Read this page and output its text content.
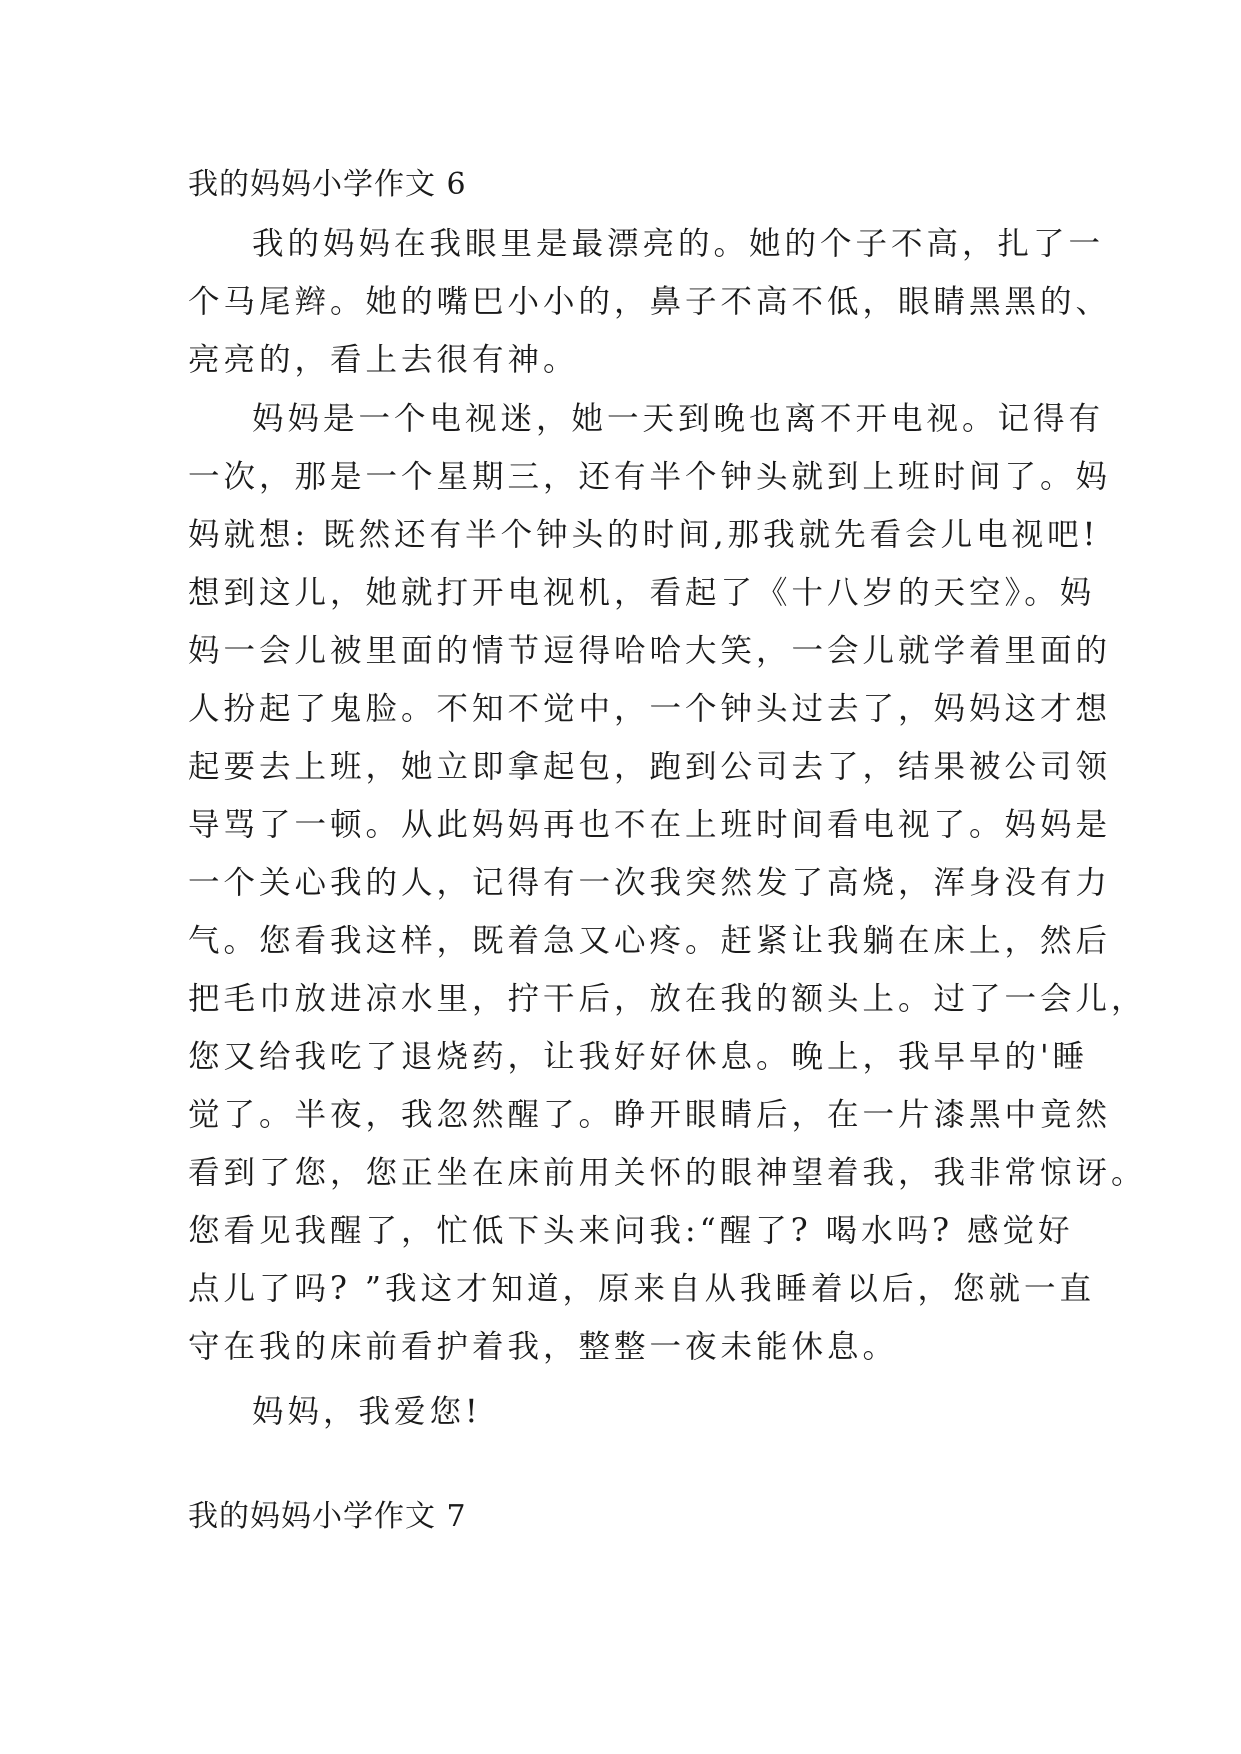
我的妈妈小学作文 6
我的妈妈在我眼里是最漂亮的。她的个子不高，扎了一
个马尾辫。她的嘴巴小小的，鼻子不高不低，眼睛黑黑的、
亮亮的，看上去很有神。
妈妈是一个电视迷，她一天到晚也离不开电视。记得有
一次，那是一个星期三，还有半个钟头就到上班时间了。妈
妈就想: 既然还有半个钟头的时间,那我就先看会儿电视吧!
想到这儿，她就打开电视机，看起了《十八岁的天空》。妈
妈一会儿被里面的情节逗得哈哈大笑，一会儿就学着里面的
人扮起了鬼脸。不知不觉中，一个钟头过去了，妈妈这才想
起要去上班，她立即拿起包，跑到公司去了，结果被公司领
导骂了一顿。从此妈妈再也不在上班时间看电视了。妈妈是
一个关心我的人，记得有一次我突然发了高烧，浑身没有力
气。您看我这样，既着急又心疼。赶紧让我躺在床上，然后
把毛巾放进凉水里，拧干后，放在我的额头上。过了一会儿，
您又给我吃了退烧药，让我好好休息。晚上，我早早的'睡
觉了。半夜，我忽然醒了。睁开眼睛后，在一片漆黑中竟然
看到了您，您正坐在床前用关怀的眼神望着我，我非常惊讶。
您看见我醒了，忙低下头来问我:“醒了? 喝水吗? 感觉好
点儿了吗? ”我这才知道，原来自从我睡着以后，您就一直
守在我的床前看护着我，整整一夜未能休息。
妈妈，我爱您!
我的妈妈小学作文 7
